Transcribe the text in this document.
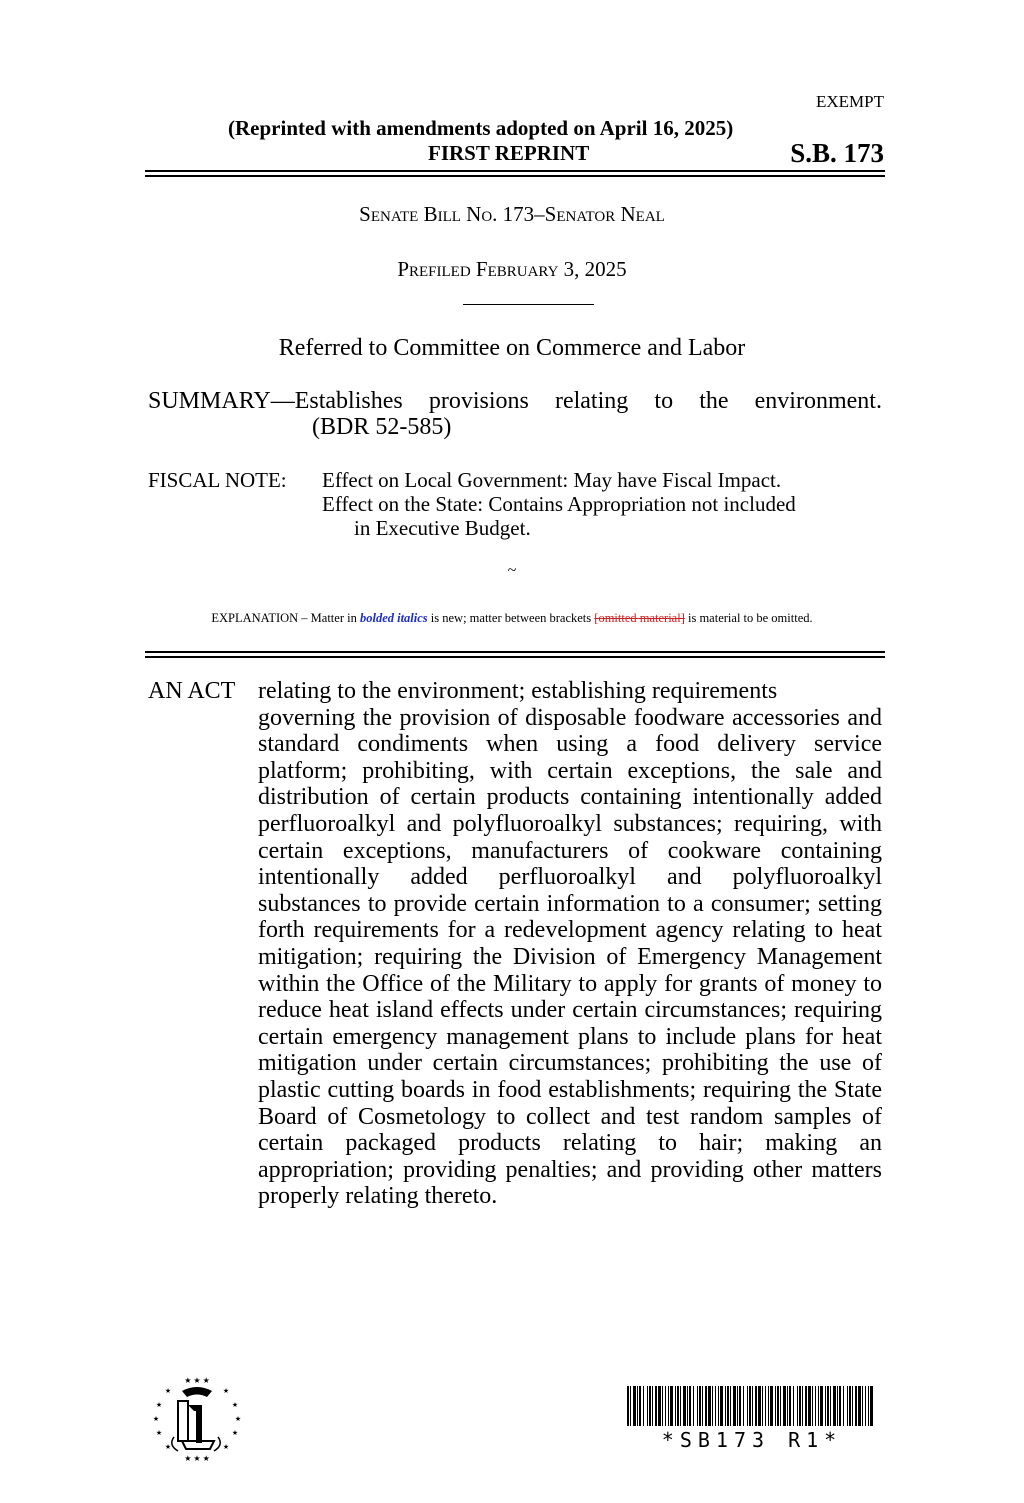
EXEMPT
(Reprinted with amendments adopted on April 16, 2025)
FIRST REPRINT	S.B. 173
Senate Bill No. 173–Senator Neal
Prefiled February 3, 2025
Referred to Committee on Commerce and Labor
SUMMARY—Establishes provisions relating to the environment.
(BDR 52-585)
FISCAL NOTE: Effect on Local Government: May have Fiscal Impact.
Effect on the State: Contains Appropriation not included
in Executive Budget.
~
EXPLANATION – Matter in bolded italics is new; matter between brackets [omitted material] is material to be omitted.
AN ACT relating to the environment; establishing requirements
governing the provision of disposable foodware accessories and standard condiments when using a food delivery service platform; prohibiting, with certain exceptions, the sale and distribution of certain products containing intentionally added perfluoroalkyl and polyfluoroalkyl substances; requiring, with certain exceptions, manufacturers of cookware containing intentionally added perfluoroalkyl and polyfluoroalkyl substances to provide certain information to a consumer; setting forth requirements for a redevelopment agency relating to heat mitigation; requiring the Division of Emergency Management within the Office of the Military to apply for grants of money to reduce heat island effects under certain circumstances; requiring certain emergency management plans to include plans for heat mitigation under certain circumstances; prohibiting the use of plastic cutting boards in food establishments; requiring the State Board of Cosmetology to collect and test random samples of certain packaged products relating to hair; making an appropriation; providing penalties; and providing other matters properly relating thereto.
★ ★ ★
★	★
★	★
★	★
★	★
★	★
★ ★ ★
*SB173 R1*
